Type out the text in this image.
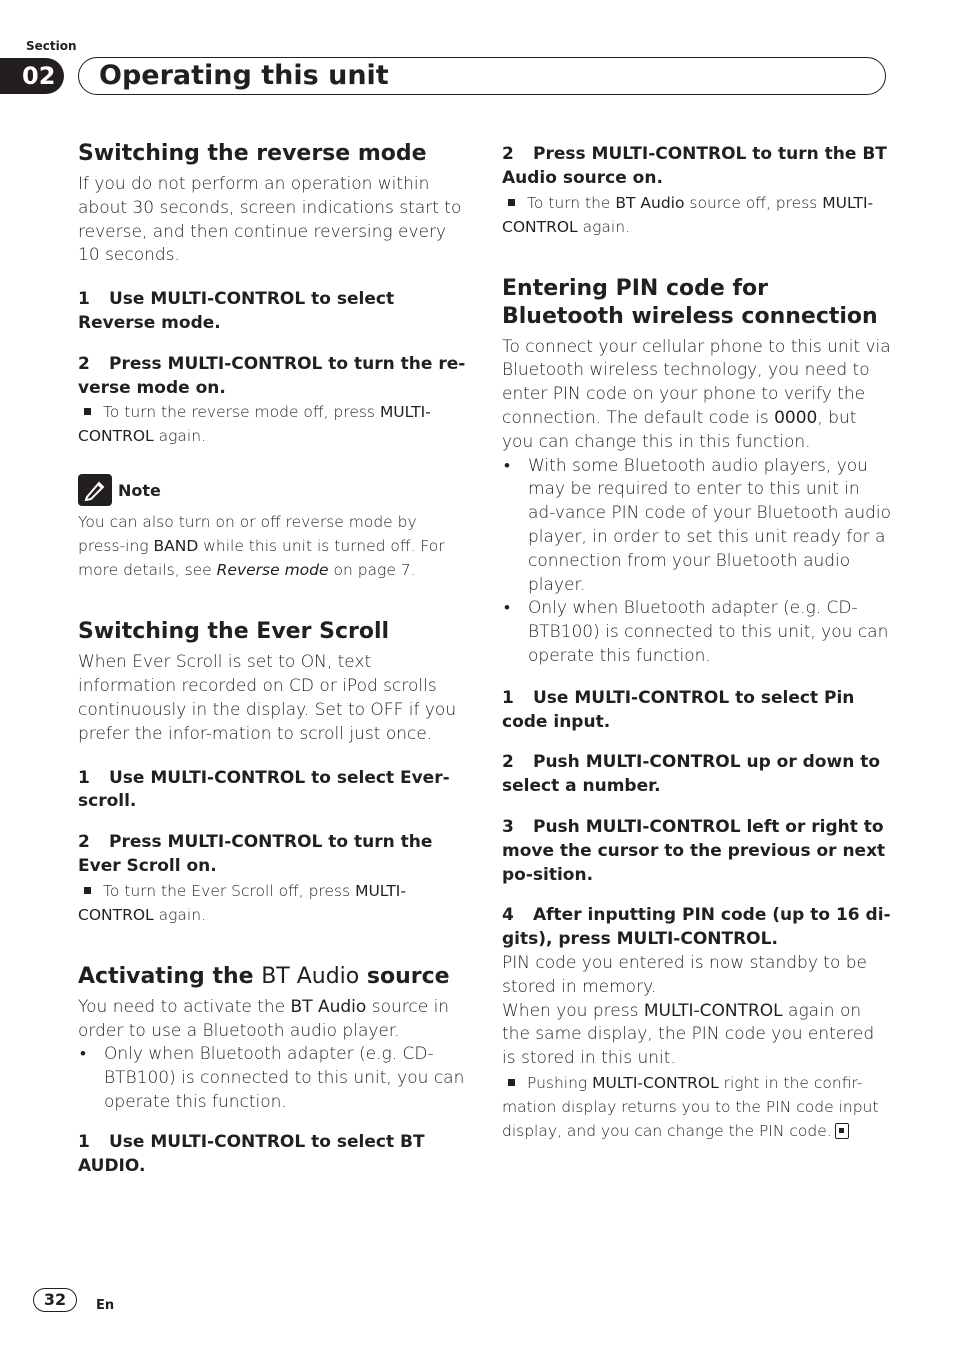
Section
02	Operating this unit
Switching the reverse mode

If you do not perform an operation within about 30 seconds, screen indications start to reverse, and then continue reversing every 10 seconds.

1 Use MULTI-CONTROL to select Reverse mode.

2 Press MULTI-CONTROL to turn the re-verse mode on.

To turn the reverse mode off, press MULTI-CONTROL again.

Note

You can also turn on or off reverse mode by press-ing BAND while this unit is turned off. For more details, see Reverse mode on page 7.

Switching the Ever Scroll

When Ever Scroll is set to ON, text information recorded on CD or iPod scrolls continuously in the display. Set to OFF if you prefer the infor-mation to scroll just once.

1 Use MULTI-CONTROL to select Ever-scroll.

2 Press MULTI-CONTROL to turn the Ever Scroll on.

To turn the Ever Scroll off, press MULTI-CONTROL again.

Activating the BT Audio source

You need to activate the BT Audio source in order to use a Bluetooth audio player.

• Only when Bluetooth adapter (e.g. CD-BTB100) is connected to this unit, you can operate this function.

1 Use MULTI-CONTROL to select BT AUDIO.

2 Press MULTI-CONTROL to turn the BT Audio source on.

To turn the BT Audio source off, press MULTI-CONTROL again.

Entering PIN code for Bluetooth wireless connection

To connect your cellular phone to this unit via Bluetooth wireless technology, you need to enter PIN code on your phone to verify the connection. The default code is 0000, but you can change this in this function.

• With some Bluetooth audio players, you may be required to enter to this unit in ad-vance PIN code of your Bluetooth audio player, in order to set this unit ready for a connection from your Bluetooth audio player.
• Only when Bluetooth adapter (e.g. CD-BTB100) is connected to this unit, you can operate this function.

1 Use MULTI-CONTROL to select Pin code input.

2 Push MULTI-CONTROL up or down to select a number.

3 Push MULTI-CONTROL left or right to move the cursor to the previous or next po-sition.

4 After inputting PIN code (up to 16 di-gits), press MULTI-CONTROL.

PIN code you entered is now standby to be stored in memory.

When you press MULTI-CONTROL again on the same display, the PIN code you entered is stored in this unit.

Pushing MULTI-CONTROL right in the confir-mation display returns you to the PIN code input display, and you can change the PIN code.

32	En
